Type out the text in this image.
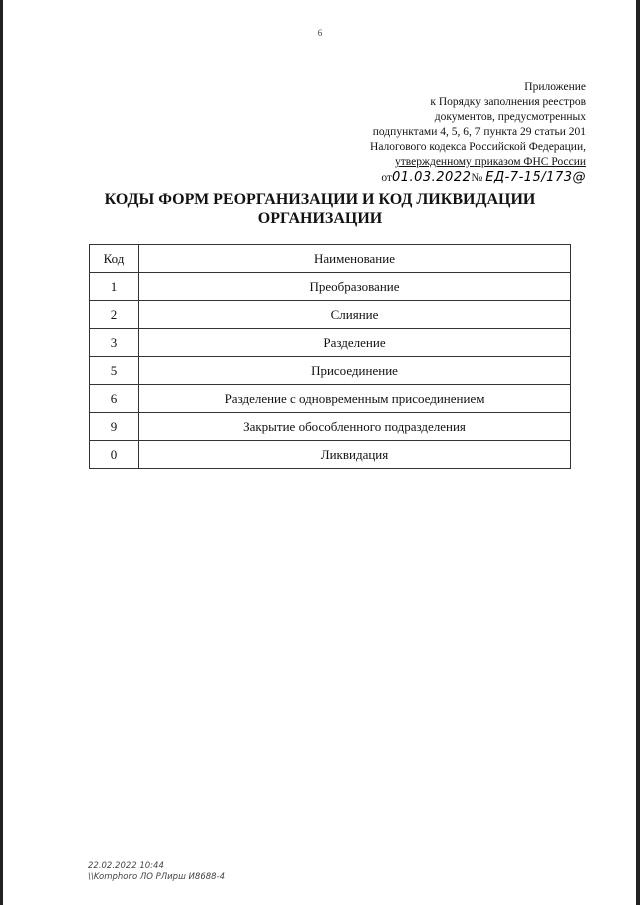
6
Приложение
к Порядку заполнения реестров
документов, предусмотренных
подпунктами 4, 5, 6, 7 пункта 29 статьи 201
Налогового кодекса Российской Федерации,
утвержденному приказом ФНС России
от01.03.2022№ ЕД-7-15/173@
КОДЫ ФОРМ РЕОРГАНИЗАЦИИ И КОД ЛИКВИДАЦИИ
ОРГАНИЗАЦИИ
Код	Наименование
1	Преобразование
2	Слияние
3	Разделение
5	Присоединение
6	Разделение с одновременным присоединением
9	Закрытие обособленного подразделения
0	Ликвидация
22.02.2022 10:44
\\Komphoro ЛО РЛирш И8688-4
